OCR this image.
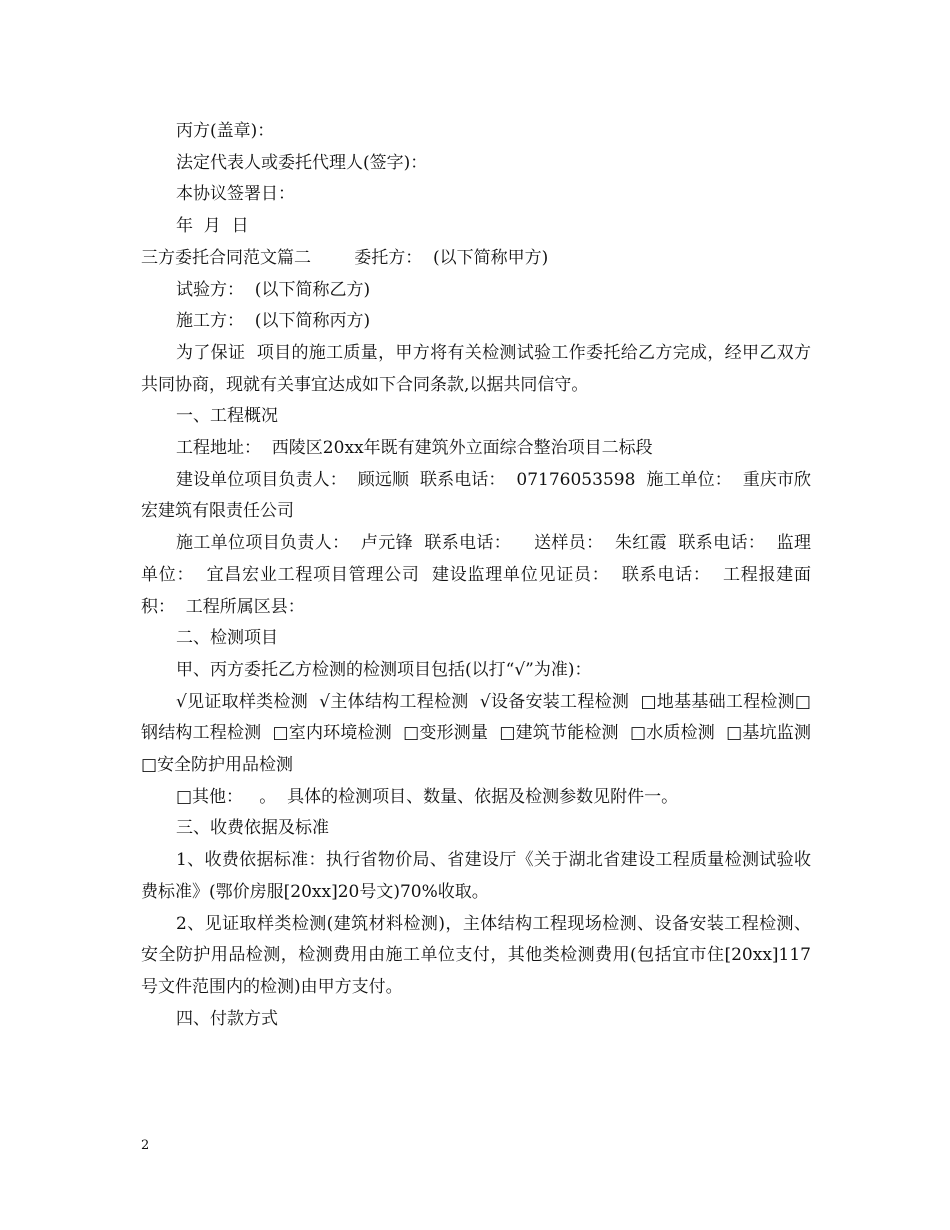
丙方(盖章)：

法定代表人或委托代理人(签字)：

本协议签署日：

年  月  日

三方委托合同范文篇二        委托方：  (以下简称甲方)

试验方：  (以下简称乙方)

施工方：  (以下简称丙方)

为了保证  项目的施工质量，甲方将有关检测试验工作委托给乙方完成，经甲乙双方共同协商，现就有关事宜达成如下合同条款,以据共同信守。

一、工程概况

工程地址：  西陵区20xx年既有建筑外立面综合整治项目二标段

建设单位项目负责人：  顾远顺  联系电话：  07176053598  施工单位：  重庆市欣宏建筑有限责任公司

施工单位项目负责人：  卢元锋  联系电话：    送样员：  朱红霞  联系电话：  监理单位：  宜昌宏业工程项目管理公司  建设监理单位见证员：  联系电话：  工程报建面积：  工程所属区县：

二、检测项目

甲、丙方委托乙方检测的检测项目包括(以打“√”为准)：

√见证取样类检测  √主体结构工程检测  √设备安装工程检测  □地基基础工程检测□钢结构工程检测  □室内环境检测  □变形测量  □建筑节能检测  □水质检测  □基坑监测  □安全防护用品检测

□其他：   。  具体的检测项目、数量、依据及检测参数见附件一。

三、收费依据及标准

1、收费依据标准：执行省物价局、省建设厅《关于湖北省建设工程质量检测试验收费标准》(鄂价房服[20xx]20号文)70%收取。

2、见证取样类检测(建筑材料检测)，主体结构工程现场检测、设备安装工程检测、安全防护用品检测，检测费用由施工单位支付，其他类检测费用(包括宜市住[20xx]117号文件范围内的检测)由甲方支付。

四、付款方式

2
